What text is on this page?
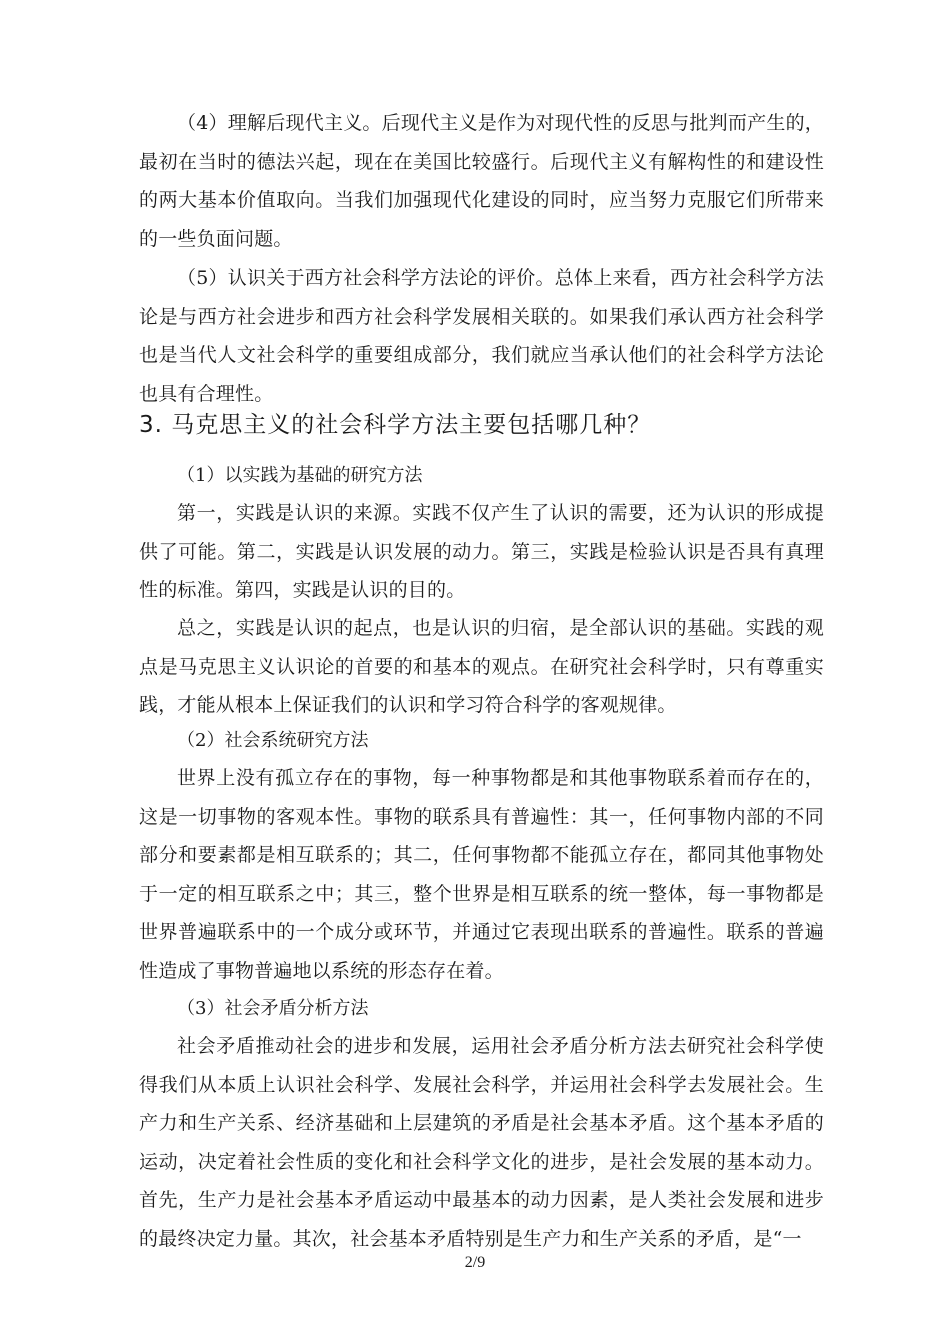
（4）理解后现代主义。后现代主义是作为对现代性的反思与批判而产生的，最初在当时的德法兴起，现在在美国比较盛行。后现代主义有解构性的和建设性的两大基本价值取向。当我们加强现代化建设的同时，应当努力克服它们所带来的一些负面问题。

（5）认识关于西方社会科学方法论的评价。总体上来看，西方社会科学方法论是与西方社会进步和西方社会科学发展相关联的。如果我们承认西方社会科学也是当代人文社会科学的重要组成部分，我们就应当承认他们的社会科学方法论也具有合理性。

3. 马克思主义的社会科学方法主要包括哪几种？

（1）以实践为基础的研究方法

第一，实践是认识的来源。实践不仅产生了认识的需要，还为认识的形成提供了可能。第二，实践是认识发展的动力。第三，实践是检验认识是否具有真理性的标准。第四，实践是认识的目的。

总之，实践是认识的起点，也是认识的归宿，是全部认识的基础。实践的观点是马克思主义认识论的首要的和基本的观点。在研究社会科学时，只有尊重实践，才能从根本上保证我们的认识和学习符合科学的客观规律。

（2）社会系统研究方法

世界上没有孤立存在的事物，每一种事物都是和其他事物联系着而存在的，这是一切事物的客观本性。事物的联系具有普遍性：其一，任何事物内部的不同部分和要素都是相互联系的；其二，任何事物都不能孤立存在，都同其他事物处于一定的相互联系之中；其三，整个世界是相互联系的统一整体，每一事物都是世界普遍联系中的一个成分或环节，并通过它表现出联系的普遍性。联系的普遍性造成了事物普遍地以系统的形态存在着。

（3）社会矛盾分析方法

社会矛盾推动社会的进步和发展，运用社会矛盾分析方法去研究社会科学使得我们从本质上认识社会科学、发展社会科学，并运用社会科学去发展社会。生产力和生产关系、经济基础和上层建筑的矛盾是社会基本矛盾。这个基本矛盾的运动，决定着社会性质的变化和社会科学文化的进步，是社会发展的基本动力。首先，生产力是社会基本矛盾运动中最基本的动力因素，是人类社会发展和进步的最终决定力量。其次，社会基本矛盾特别是生产力和生产关系的矛盾，是“一

2/9
